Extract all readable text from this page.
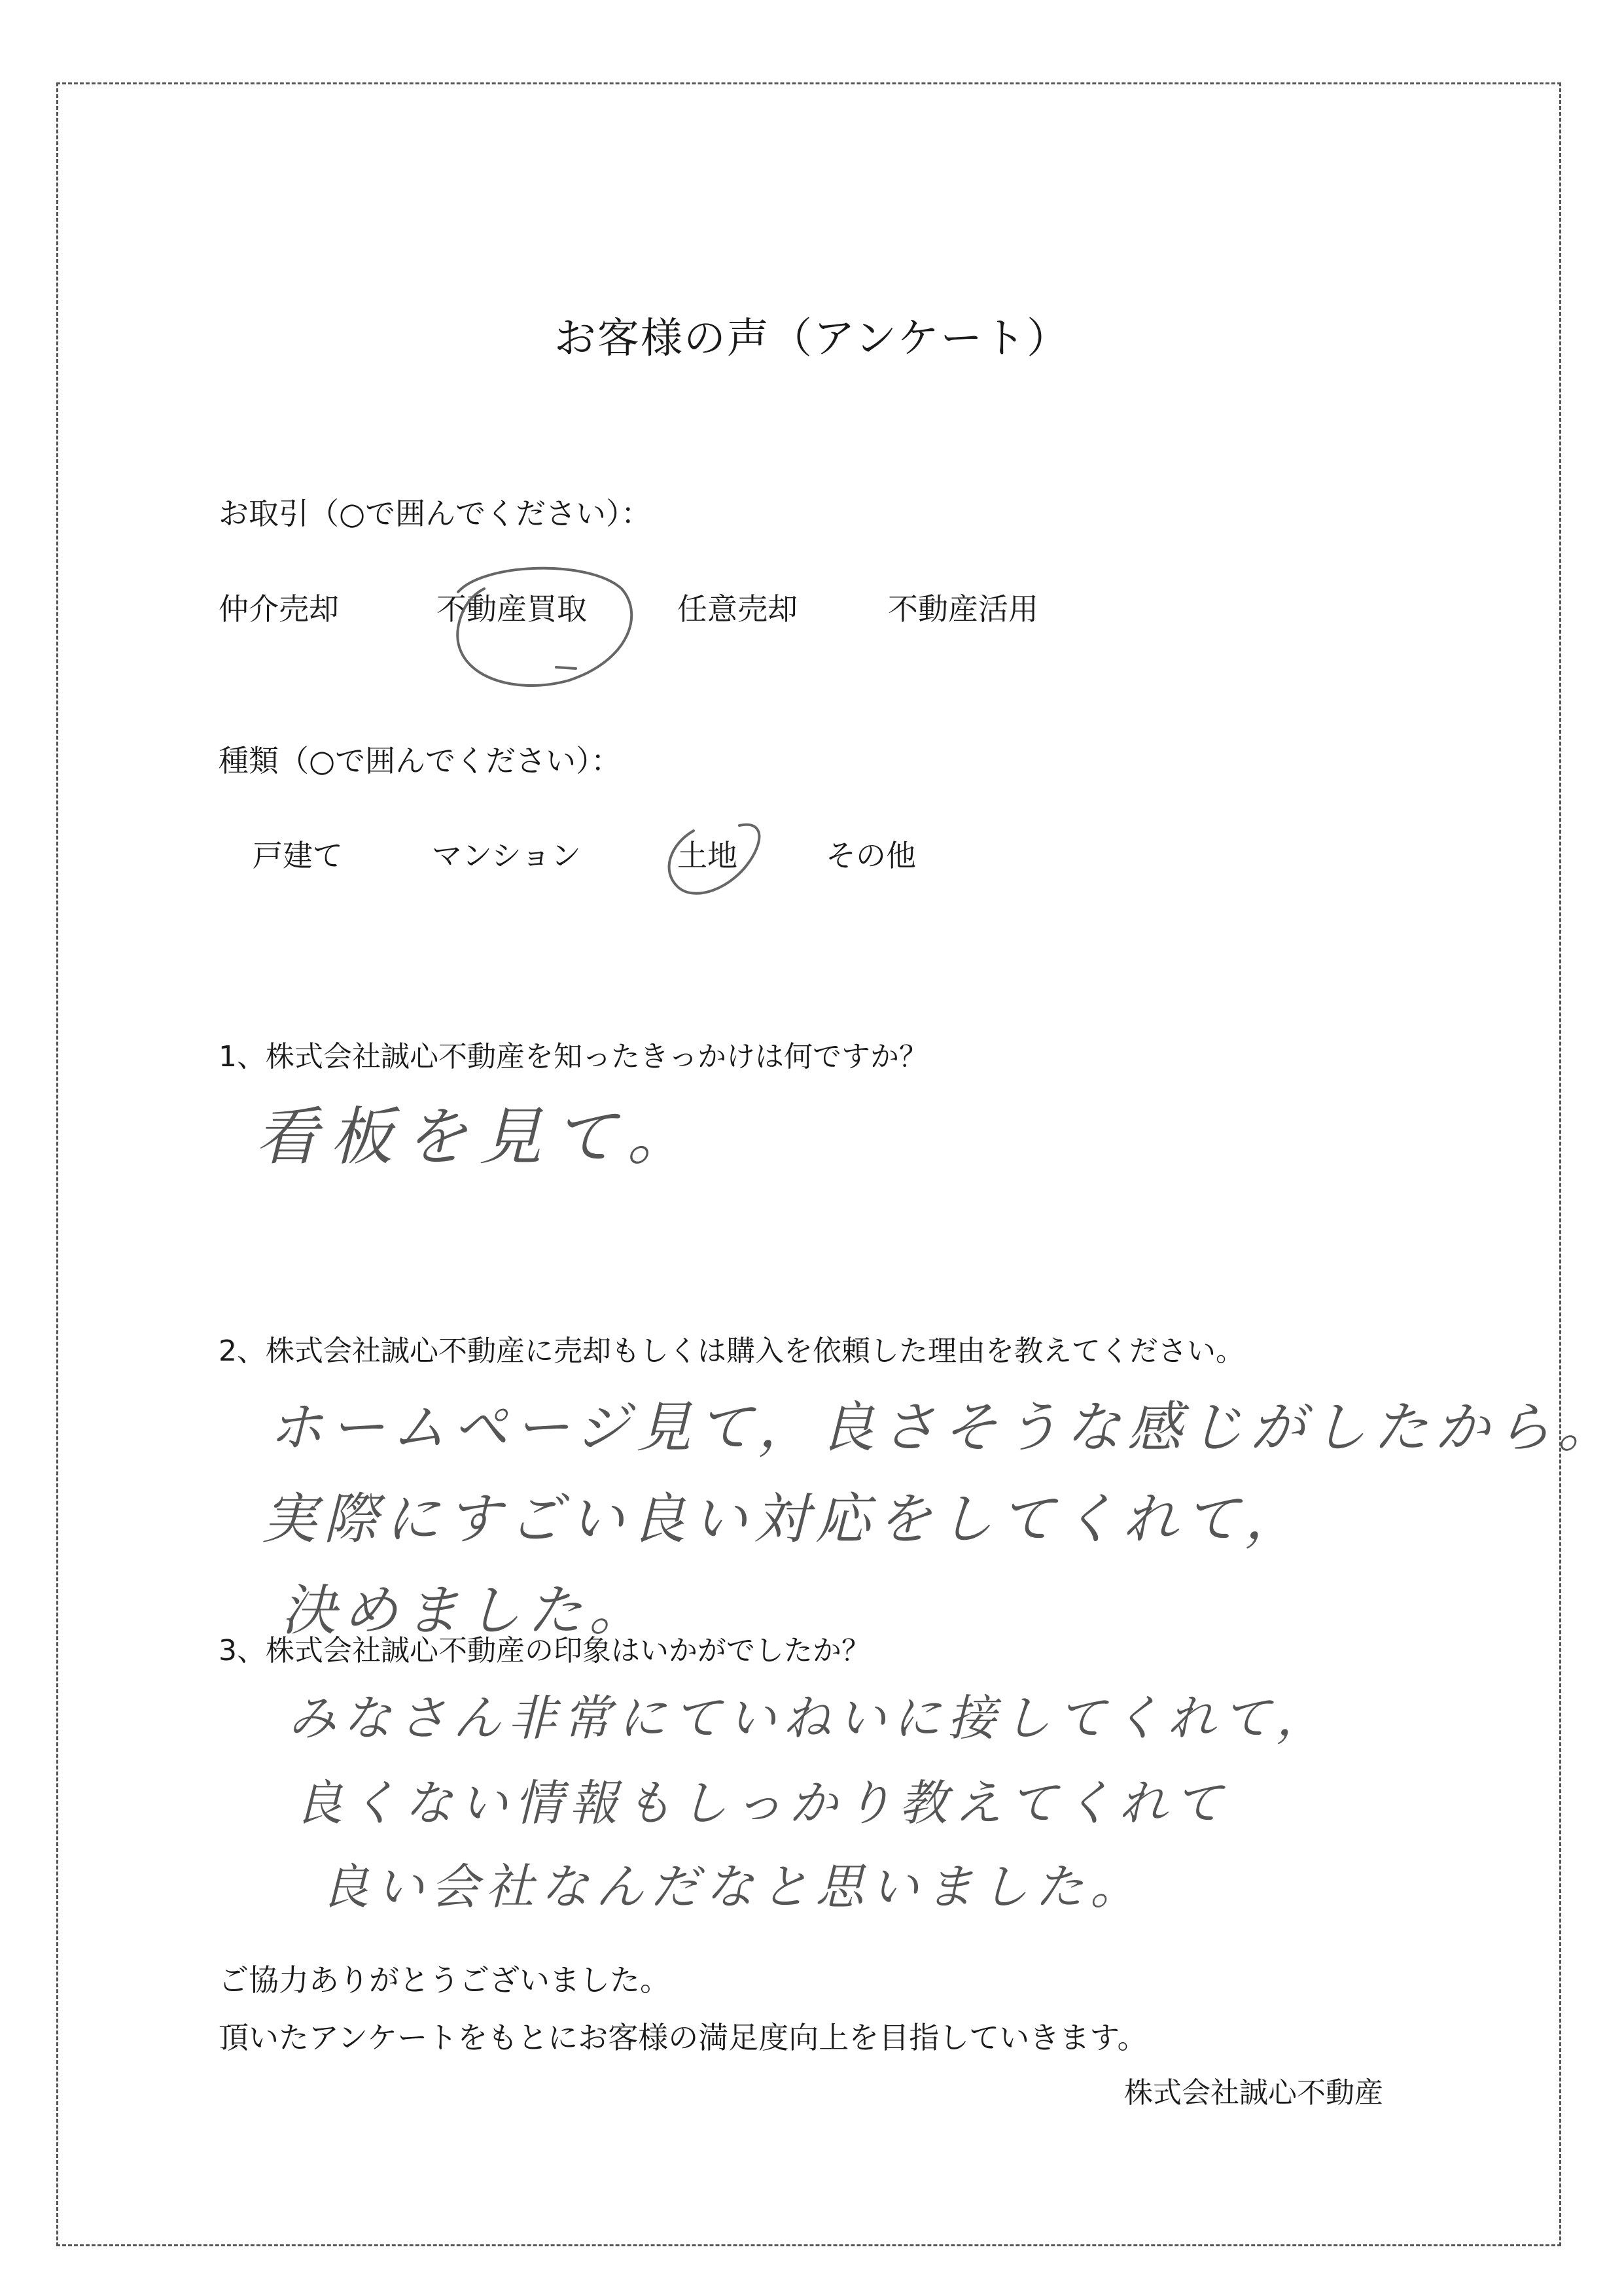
お客様の声（アンケート）
お取引（○で囲んでください）：
仲介売却	不動産買取	任意売却	不動産活用
種類（○で囲んでください）：
戸建て	マンション	土地	その他
1、株式会社誠心不動産を知ったきっかけは何ですか？
看板を見て。
2、株式会社誠心不動産に売却もしくは購入を依頼した理由を教えてください。
ホームページ見て，良さそうな感じがしたから。
実際にすごい良い対応をしてくれて，
決めました。
3、株式会社誠心不動産の印象はいかがでしたか？
みなさん非常にていねいに接してくれて，
良くない情報もしっかり教えてくれて
良い会社なんだなと思いました。
ご協力ありがとうございました。
頂いたアンケートをもとにお客様の満足度向上を目指していきます。
株式会社誠心不動産
